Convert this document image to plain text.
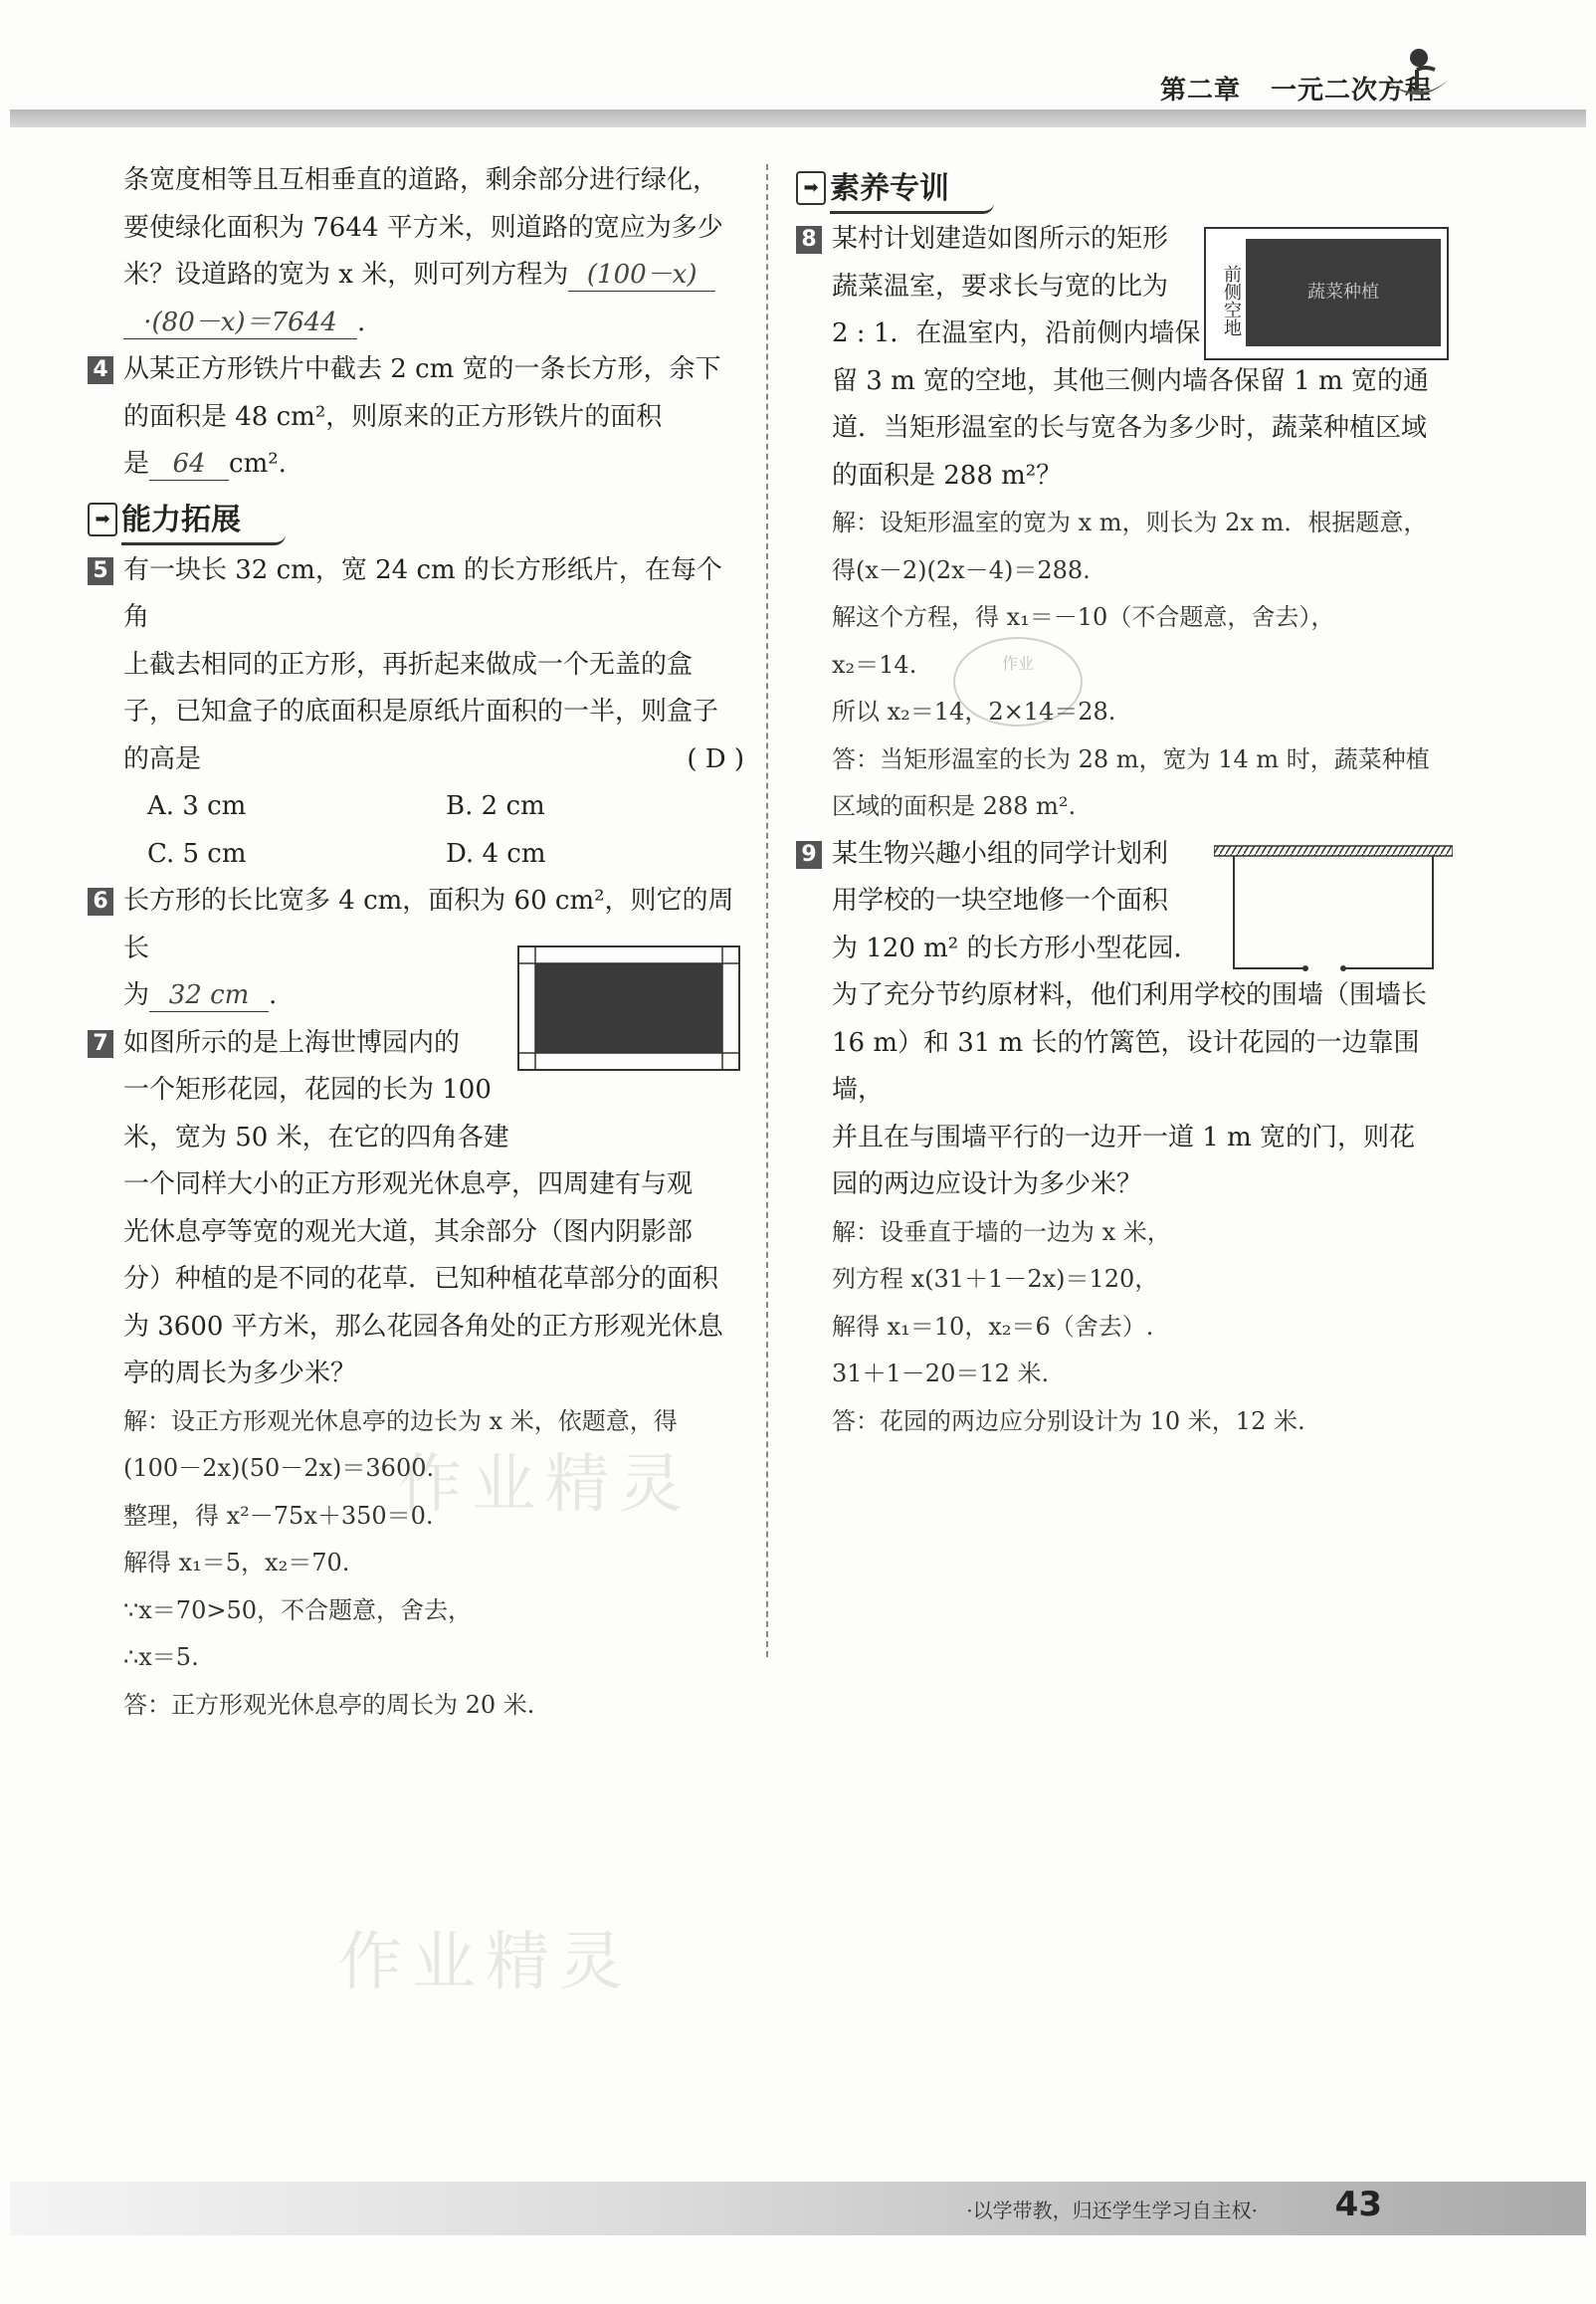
第二章 一元二次方程
作业精灵
作业精灵
作业

条宽度相等且互相垂直的道路，剩余部分进行绿化，
要使绿化面积为 7644 平方米，则道路的宽应为多少
米？设道路的宽为 x 米，则可列方程为 (100－x)
·(80－x)＝7644 .

4 从某正方形铁片中截去 2 cm 宽的一条长方形，余下
的面积是 48 cm²，则原来的正方形铁片的面积
是 64 cm².
➡ 能力拓展
5 有一块长 32 cm，宽 24 cm 的长方形纸片，在每个角
上截去相同的正方形，再折起来做成一个无盖的盒
子，已知盒子的底面积是原纸片面积的一半，则盒子
的高是	( D )
A. 3 cm	B. 2 cm
C. 5 cm	D. 4 cm
6 长方形的长比宽多 4 cm，面积为 60 cm²，则它的周长
为 32 cm .
7 如图所示的是上海世博园内的
一个矩形花园，花园的长为 100
米，宽为 50 米，在它的四角各建
一个同样大小的正方形观光休息亭，四周建有与观
光休息亭等宽的观光大道，其余部分（图内阴影部
分）种植的是不同的花草．已知种植花草部分的面积
为 3600 平方米，那么花园各角处的正方形观光休息
亭的周长为多少米？
解：设正方形观光休息亭的边长为 x 米，依题意，得
(100－2x)(50－2x)＝3600.
整理，得 x²－75x＋350＝0.
解得 x₁＝5，x₂＝70.
∵x＝70>50，不合题意，舍去，
∴x＝5.
答：正方形观光休息亭的周长为 20 米.
➡ 素养专训
8 某村计划建造如图所示的矩形
蔬菜温室，要求长与宽的比为
2 : 1．在温室内，沿前侧内墙保
留 3 m 宽的空地，其他三侧内墙各保留 1 m 宽的通
道．当矩形温室的长与宽各为多少时，蔬菜种植区域
的面积是 288 m²？
解：设矩形温室的宽为 x m，则长为 2x m．根据题意，
得(x－2)(2x－4)＝288.
解这个方程，得 x₁＝－10（不合题意，舍去），
x₂＝14.
所以 x₂＝14，2×14＝28.
答：当矩形温室的长为 28 m，宽为 14 m 时，蔬菜种植
区域的面积是 288 m².
9 某生物兴趣小组的同学计划利
用学校的一块空地修一个面积
为 120 m² 的长方形小型花园．
为了充分节约原材料，他们利用学校的围墙（围墙长
16 m）和 31 m 长的竹篱笆，设计花园的一边靠围墙，
并且在与围墙平行的一边开一道 1 m 宽的门，则花
园的两边应设计为多少米？
解：设垂直于墙的一边为 x 米，
列方程 x(31＋1－2x)＝120，
解得 x₁＝10，x₂＝6（舍去）.
31＋1－20＝12 米.
答：花园的两边应分别设计为 10 米，12 米.
前侧空地	蔬菜种植
·以学带教，归还学生学习自主权· 43
